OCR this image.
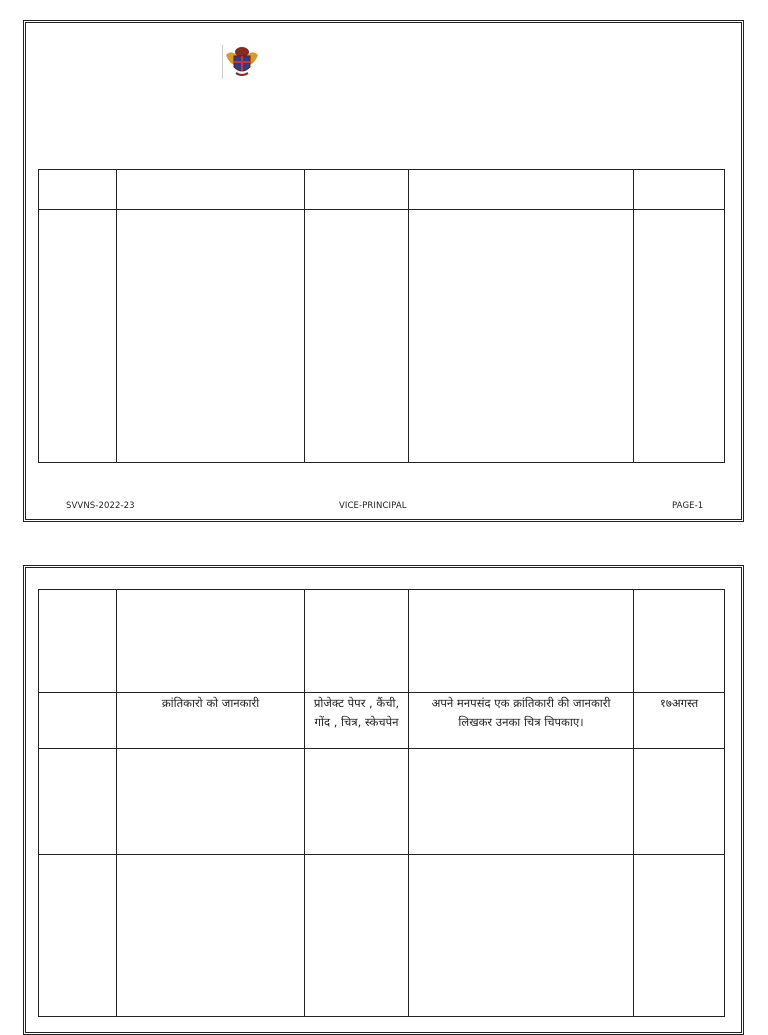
SVVNS-2022-23	VICE-PRINCIPAL	PAGE-1

	क्रांतिकारो को जानकारी	प्रोजेक्ट पेपर , कैंची, गोंद , चित्र, स्केचपेन	अपने मनपसंद एक क्रांतिकारी की जानकारी लिखकर उनका चित्र चिपकाए।	१७अगस्त
